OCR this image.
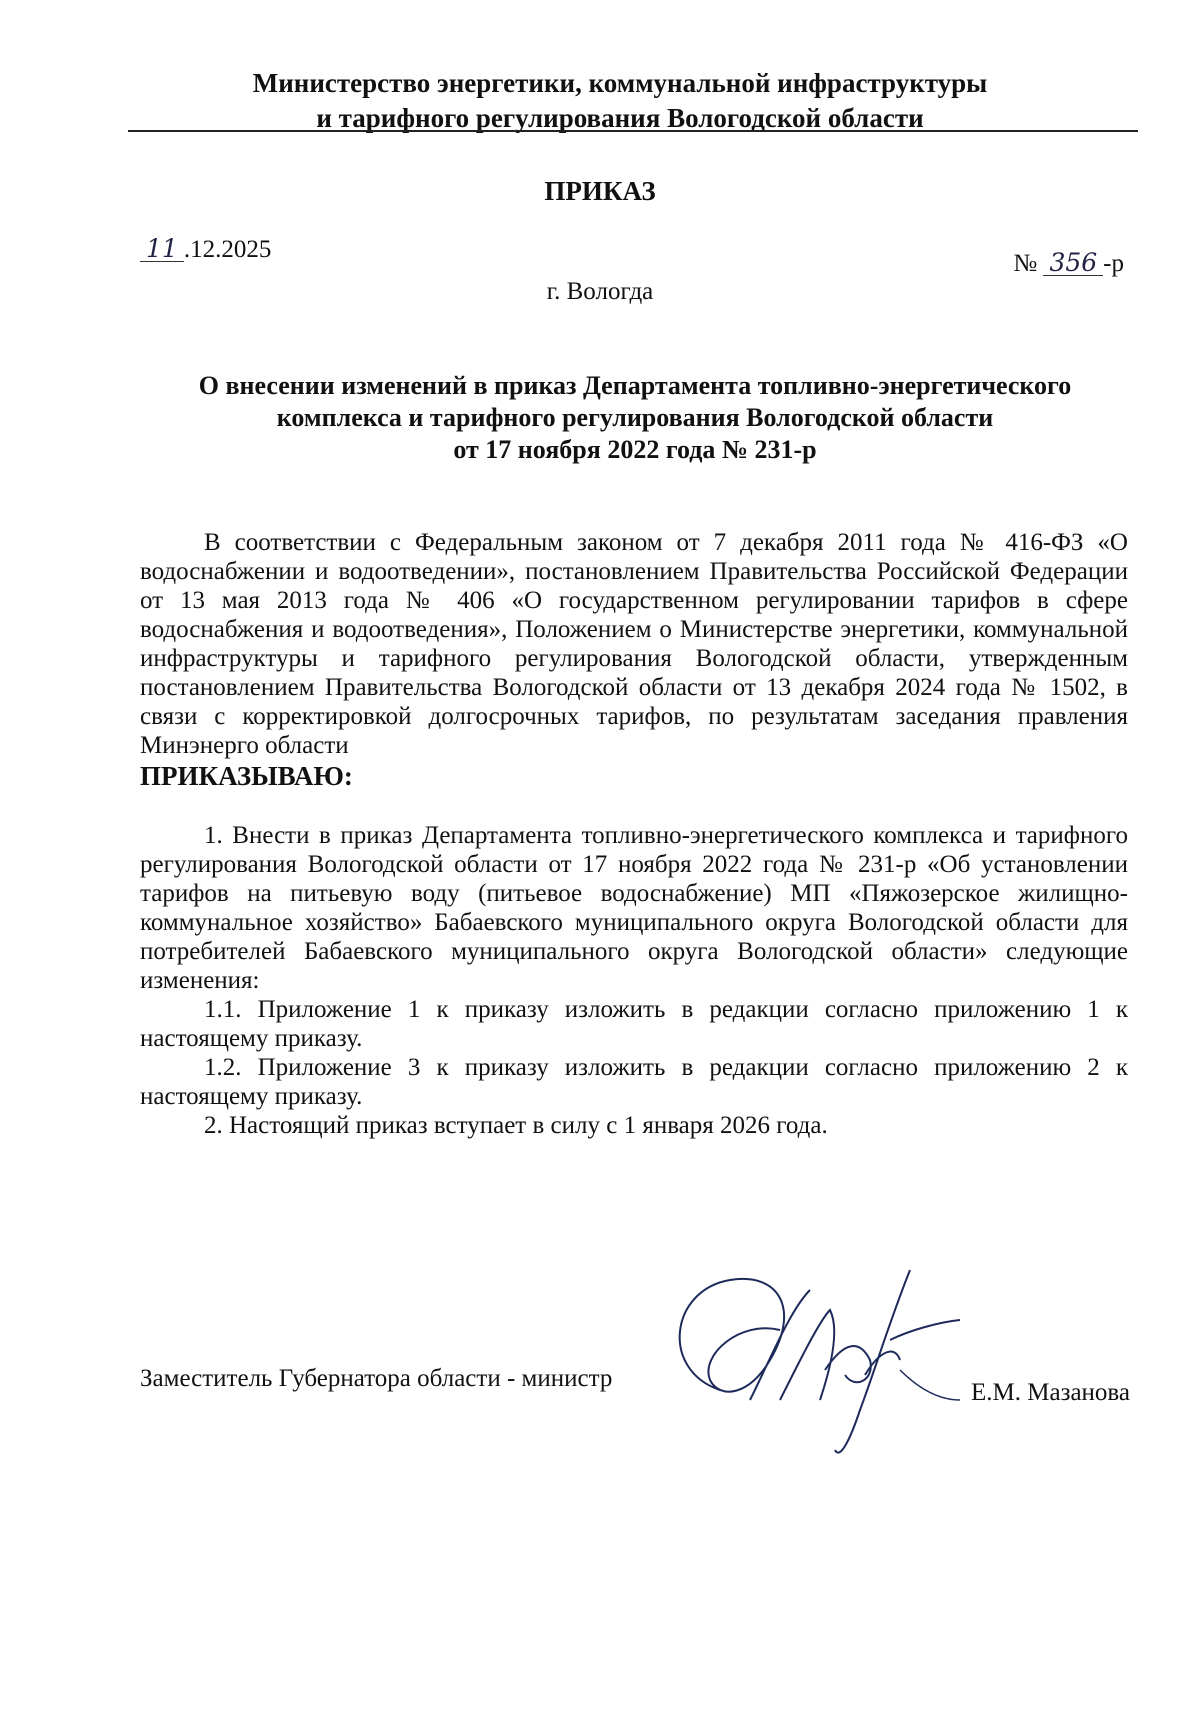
Министерство энергетики, коммунальной инфраструктуры
и тарифного регулирования Вологодской области
ПРИКАЗ
11 .12.2025
№ 356 -р
г. Вологда
О внесении изменений в приказ Департамента топливно-энергетического
комплекса и тарифного регулирования Вологодской области
от 17 ноября 2022 года № 231-р

В соответствии с Федеральным законом от 7 декабря 2011 года № 416-ФЗ «О водоснабжении и водоотведении», постановлением Правительства Российской Федерации от 13 мая 2013 года № 406 «О государственном регулировании тарифов в сфере водоснабжения и водоотведения», Положением о Министерстве энергетики, коммунальной инфраструктуры и тарифного регулирования Вологодской области, утвержденным постановлением Правительства Вологодской области от 13 декабря 2024 года № 1502, в связи с корректировкой долгосрочных тарифов, по результатам заседания правления Минэнерго области

ПРИКАЗЫВАЮ:

1. Внести в приказ Департамента топливно-энергетического комплекса и тарифного регулирования Вологодской области от 17 ноября 2022 года № 231-р «Об установлении тарифов на питьевую воду (питьевое водоснабжение) МП «Пяжозерское жилищно-коммунальное хозяйство» Бабаевского муниципального округа Вологодской области для потребителей Бабаевского муниципального округа Вологодской области» следующие изменения:

1.1. Приложение 1 к приказу изложить в редакции согласно приложению 1 к настоящему приказу.

1.2. Приложение 3 к приказу изложить в редакции согласно приложению 2 к настоящему приказу.

2. Настоящий приказ вступает в силу с 1 января 2026 года.

Заместитель Губернатора области - министр
Е.М. Мазанова
